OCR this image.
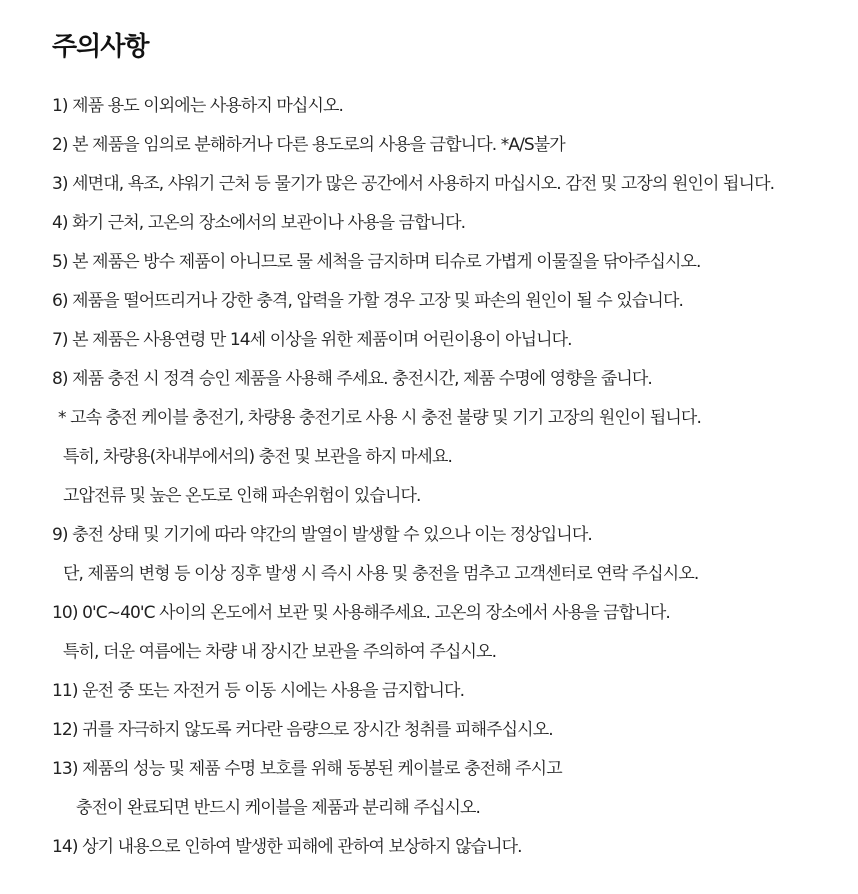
주의사항
1) 제품 용도 이외에는 사용하지 마십시오.
2) 본 제품을 임의로 분해하거나 다른 용도로의 사용을 금합니다. *A/S불가
3) 세면대, 욕조, 샤워기 근처 등 물기가 많은 공간에서 사용하지 마십시오. 감전 및 고장의 원인이 됩니다.
4) 화기 근처, 고온의 장소에서의 보관이나 사용을 금합니다.
5) 본 제품은 방수 제품이 아니므로 물 세척을 금지하며 티슈로 가볍게 이물질을 닦아주십시오.
6) 제품을 떨어뜨리거나 강한 충격, 압력을 가할 경우 고장 및 파손의 원인이 될 수 있습니다.
7) 본 제품은 사용연령 만 14세 이상을 위한 제품이며 어린이용이 아닙니다.
8) 제품 충전 시 정격 승인 제품을 사용해 주세요. 충전시간, 제품 수명에 영향을 줍니다.
* 고속 충전 케이블 충전기, 차량용 충전기로 사용 시 충전 불량 및 기기 고장의 원인이 됩니다.
특히, 차량용(차내부에서의) 충전 및 보관을 하지 마세요.
고압전류 및 높은 온도로 인해 파손위험이 있습니다.
9) 충전 상태 및 기기에 따라 약간의 발열이 발생할 수 있으나 이는 정상입니다.
단, 제품의 변형 등 이상 징후 발생 시 즉시 사용 및 충전을 멈추고 고객센터로 연락 주십시오.
10) 0'C~40'C 사이의 온도에서 보관 및 사용해주세요. 고온의 장소에서 사용을 금합니다.
특히, 더운 여름에는 차량 내 장시간 보관을 주의하여 주십시오.
11) 운전 중 또는 자전거 등 이동 시에는 사용을 금지합니다.
12) 귀를 자극하지 않도록 커다란 음량으로 장시간 청취를 피해주십시오.
13) 제품의 성능 및 제품 수명 보호를 위해 동봉된 케이블로 충전해 주시고
충전이 완료되면 반드시 케이블을 제품과 분리해 주십시오.
14) 상기 내용으로 인하여 발생한 피해에 관하여 보상하지 않습니다.
